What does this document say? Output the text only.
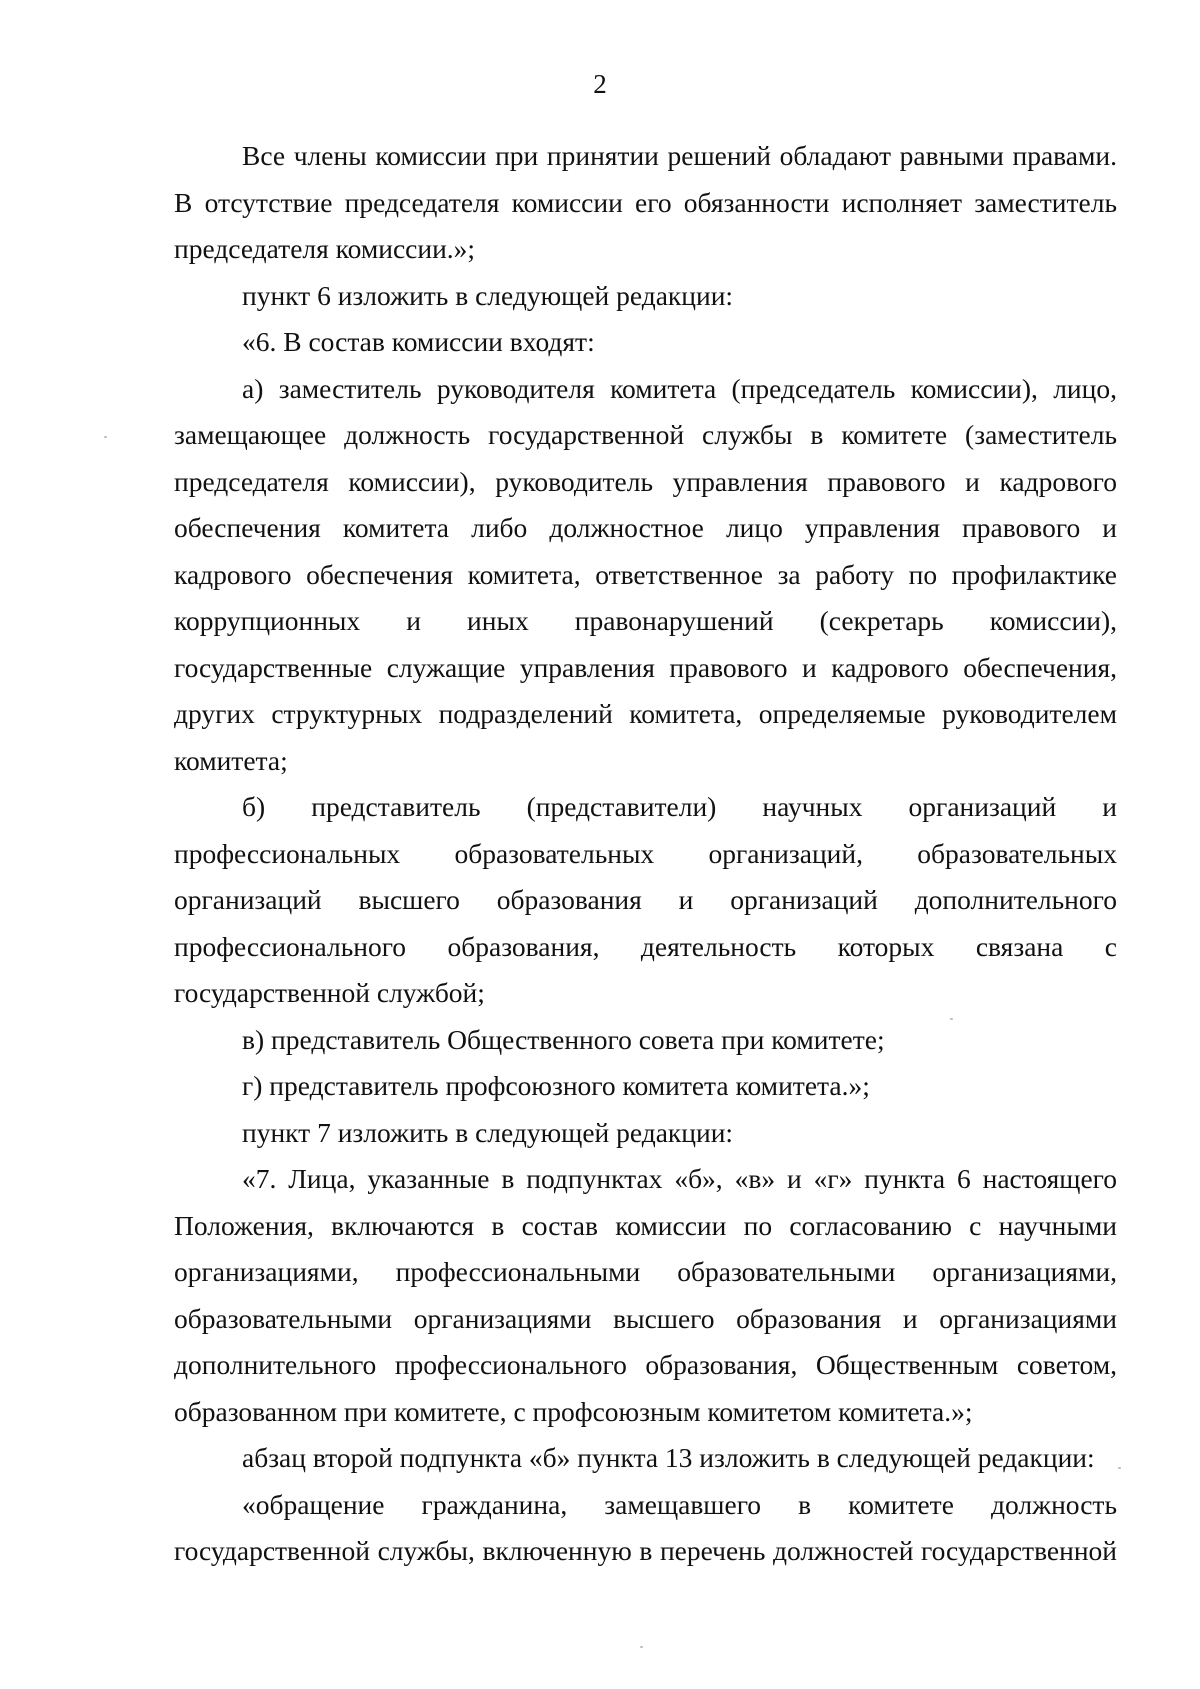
2

Все члены комиссии при принятии решений обладают равными правами. В отсутствие председателя комиссии его обязанности исполняет заместитель председателя комиссии.»;

пункт 6 изложить в следующей редакции:

«6. В состав комиссии входят:

а) заместитель руководителя комитета (председатель комиссии), лицо, замещающее должность государственной службы в комитете (заместитель председателя комиссии), руководитель управления правового и кадрового обеспечения комитета либо должностное лицо управления правового и кадрового обеспечения комитета, ответственное за работу по профилактике коррупционных и иных правонарушений (секретарь комиссии), государственные служащие управления правового и кадрового обеспечения, других структурных подразделений комитета, определяемые руководителем комитета;

б) представитель (представители) научных организаций и профессиональных образовательных организаций, образовательных организаций высшего образования и организаций дополнительного профессионального образования, деятельность которых связана с государственной службой;

в) представитель Общественного совета при комитете;

г) представитель профсоюзного комитета комитета.»;

пункт 7 изложить в следующей редакции:

«7. Лица, указанные в подпунктах «б», «в» и «г» пункта 6 настоящего Положения, включаются в состав комиссии по согласованию с научными организациями, профессиональными образовательными организациями, образовательными организациями высшего образования и организациями дополнительного профессионального образования, Общественным советом, образованном при комитете, с профсоюзным комитетом комитета.»;

абзац второй подпункта «б» пункта 13 изложить в следующей редакции:

«обращение гражданина, замещавшего в комитете должность государственной службы, включенную в перечень должностей государственной
